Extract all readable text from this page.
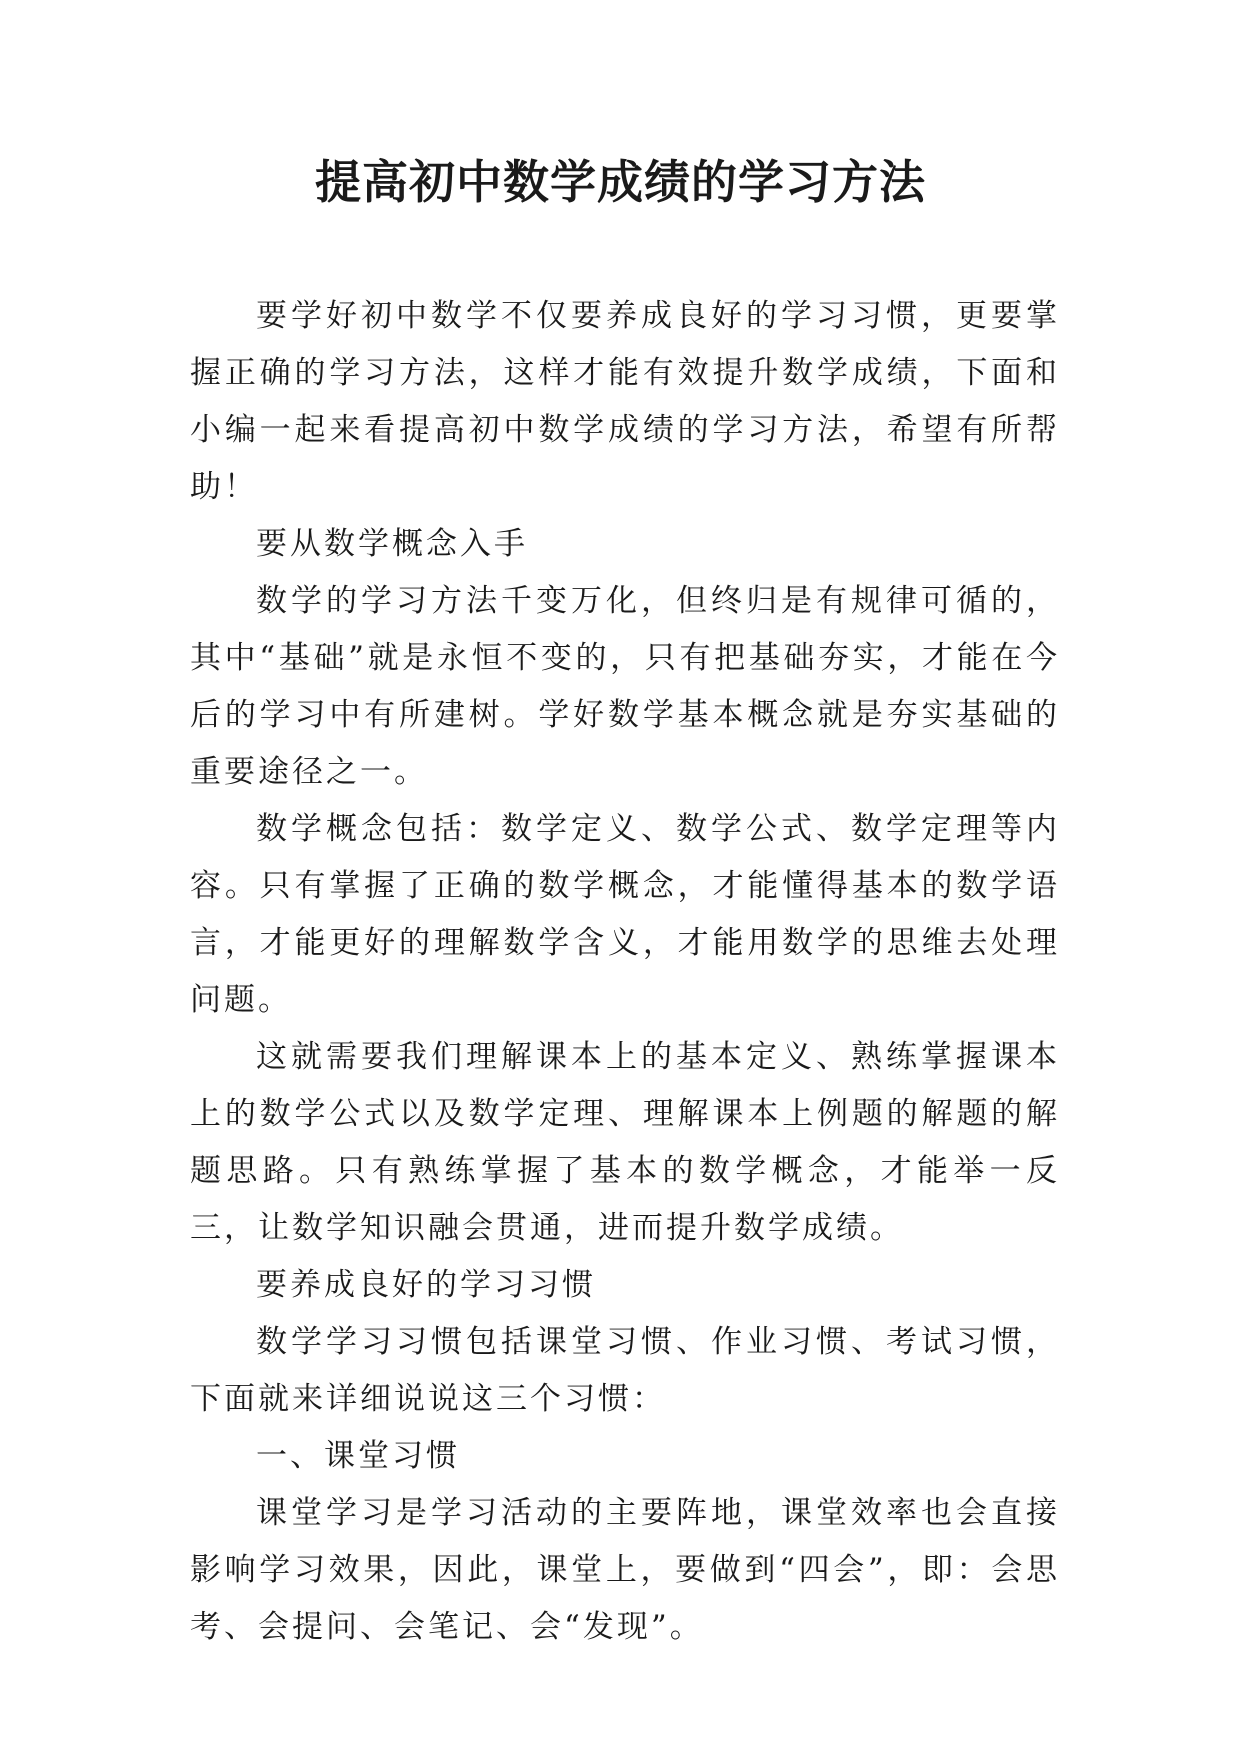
提高初中数学成绩的学习方法

要学好初中数学不仅要养成良好的学习习惯，更要掌握正确的学习方法，这样才能有效提升数学成绩，下面和小编一起来看提高初中数学成绩的学习方法，希望有所帮助！

要从数学概念入手

数学的学习方法千变万化，但终归是有规律可循的，其中“基础”就是永恒不变的，只有把基础夯实，才能在今后的学习中有所建树。学好数学基本概念就是夯实基础的重要途径之一。

数学概念包括：数学定义、数学公式、数学定理等内容。只有掌握了正确的数学概念，才能懂得基本的数学语言，才能更好的理解数学含义，才能用数学的思维去处理问题。

这就需要我们理解课本上的基本定义、熟练掌握课本上的数学公式以及数学定理、理解课本上例题的解题的解题思路。只有熟练掌握了基本的数学概念，才能举一反三，让数学知识融会贯通，进而提升数学成绩。

要养成良好的学习习惯

数学学习习惯包括课堂习惯、作业习惯、考试习惯，下面就来详细说说这三个习惯：

一、课堂习惯

课堂学习是学习活动的主要阵地，课堂效率也会直接影响学习效果，因此，课堂上，要做到“四会”，即：会思考、会提问、会笔记、会“发现”。
